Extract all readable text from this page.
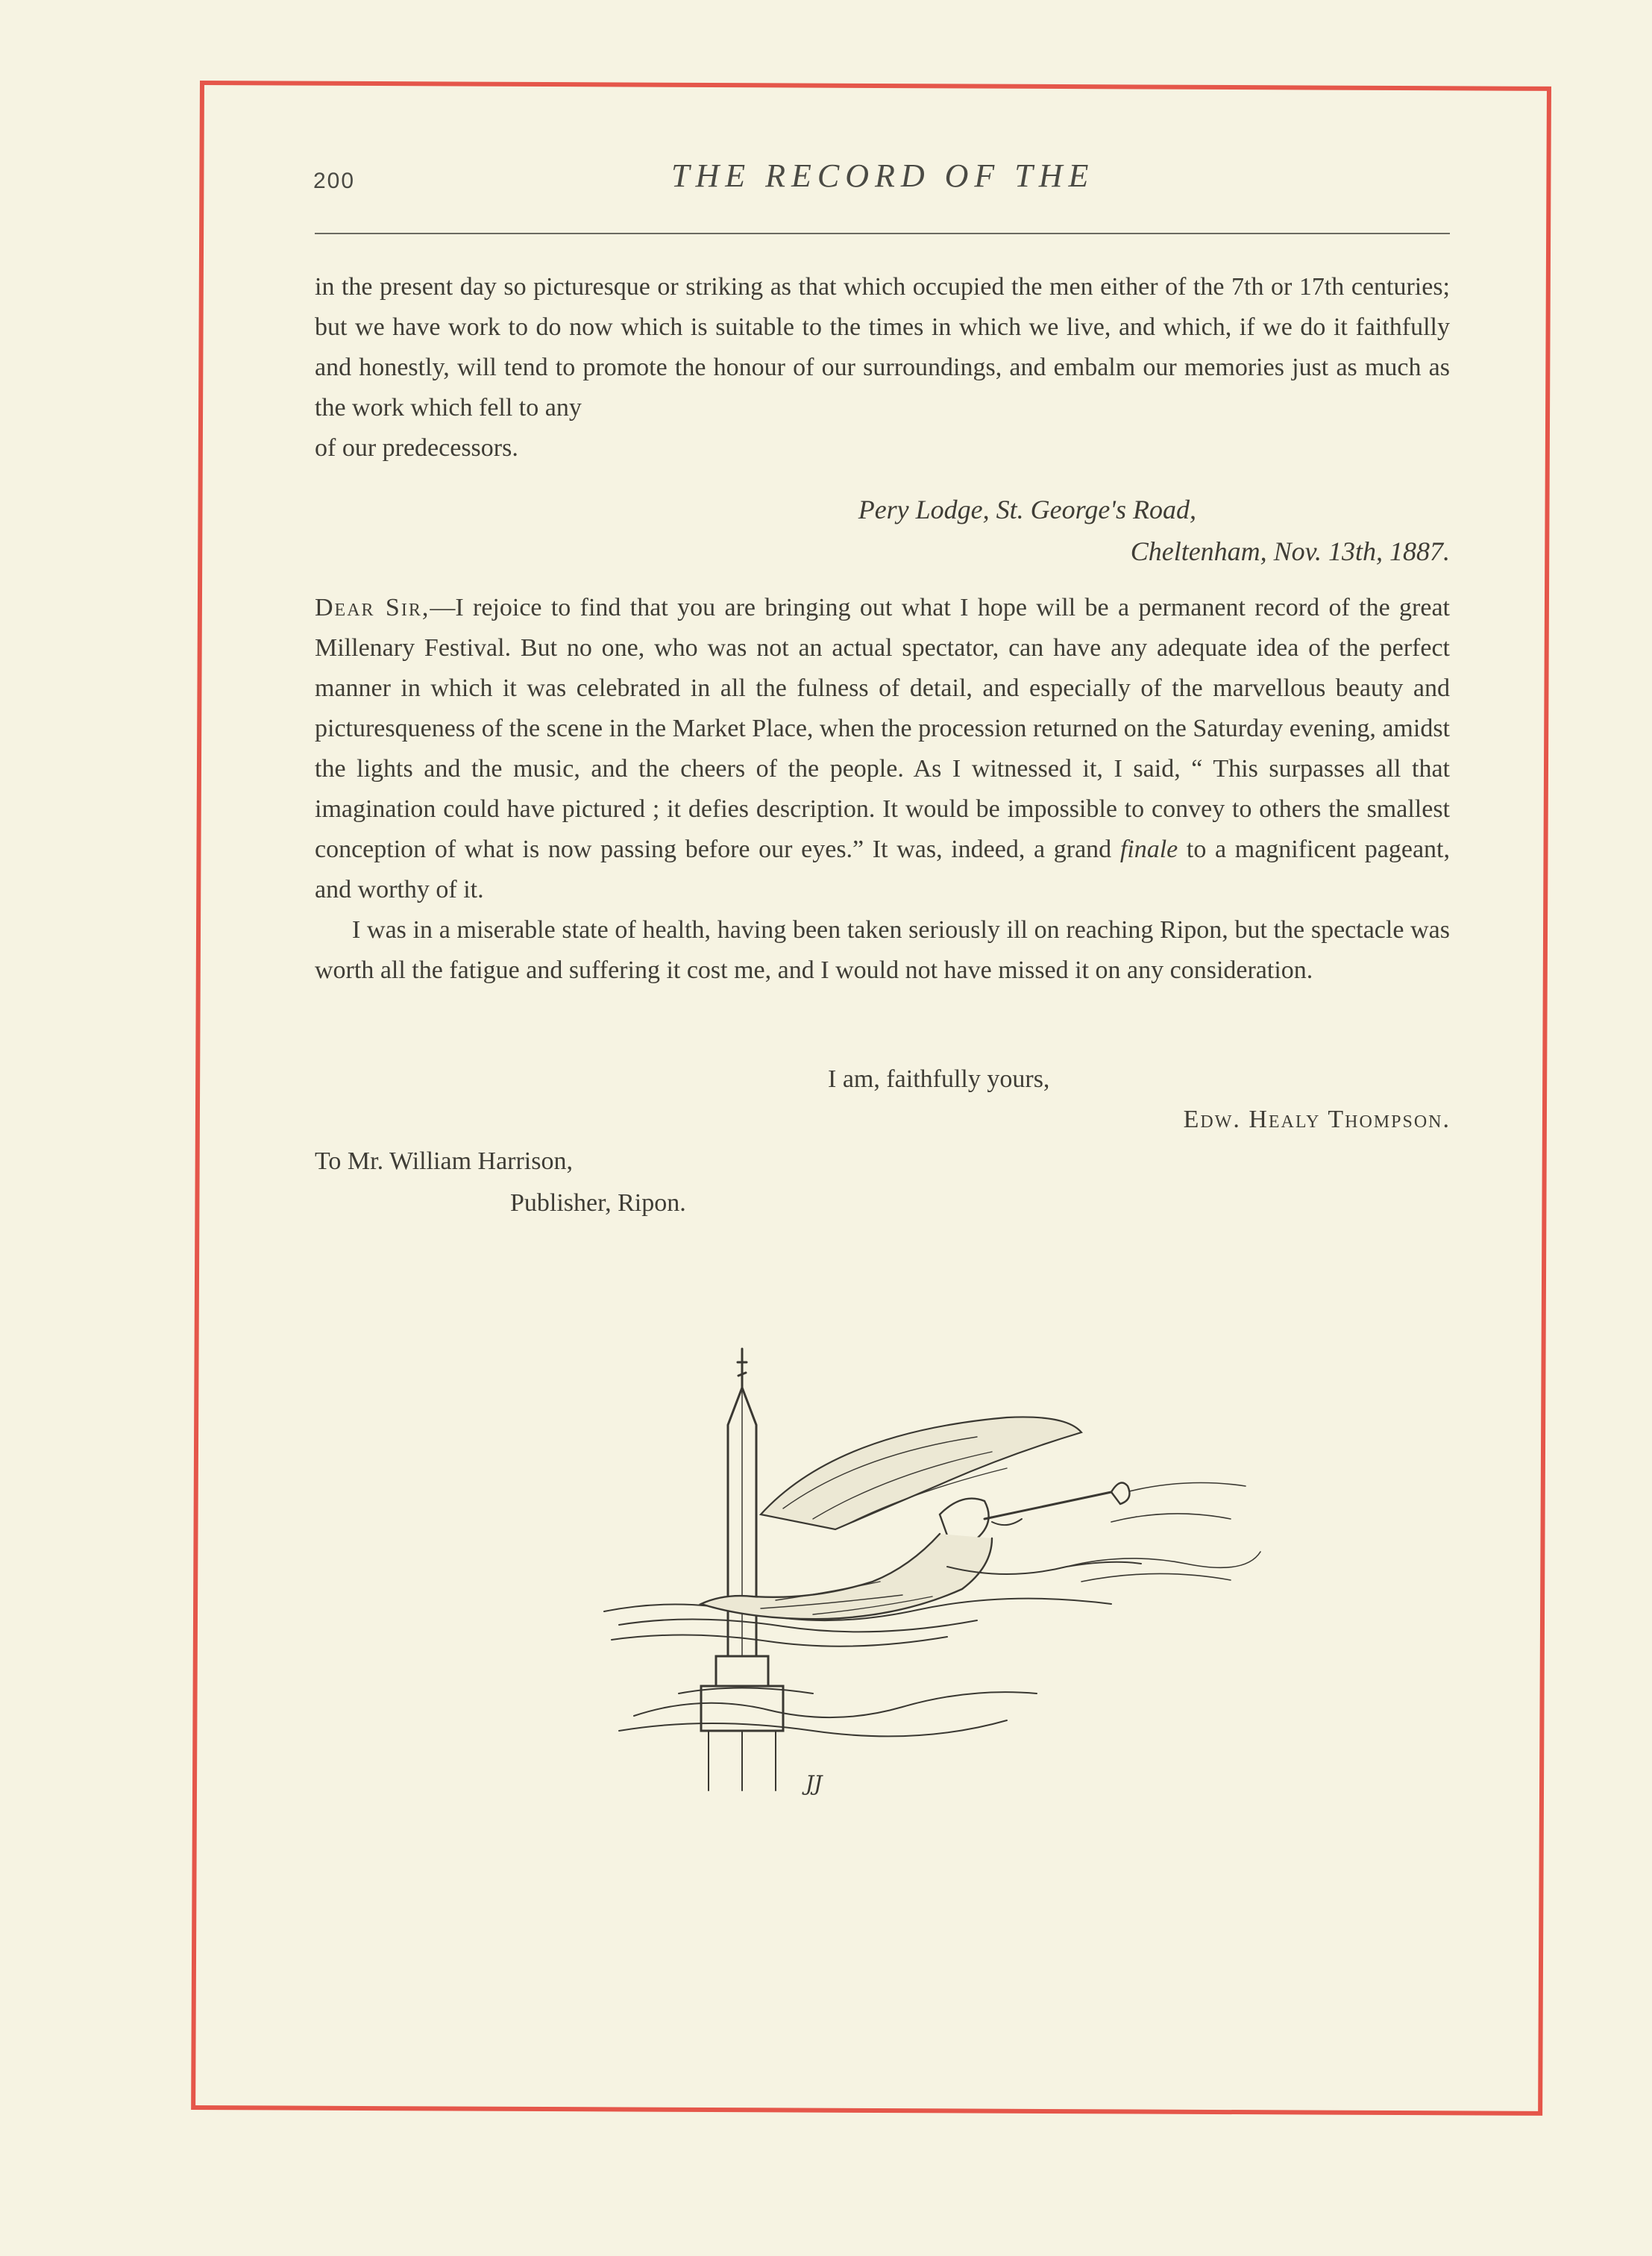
200	THE RECORD OF THE
in the present day so picturesque or striking as that which occupied the men either of the 7th or 17th centuries; but we have work to do now which is suitable to the times in which we live, and which, if we do it faithfully and honestly, will tend to promote the honour of our surroundings, and embalm our memories just as much as the work which fell to any
of our predecessors.
Pery Lodge, St. George's Road,
Cheltenham, Nov. 13th, 1887.

Dear Sir,—I rejoice to find that you are bringing out what I hope will be a permanent record of the great Millenary Festival. But no one, who was not an actual spectator, can have any adequate idea of the perfect manner in which it was celebrated in all the fulness of detail, and especially of the marvellous beauty and picturesqueness of the scene in the Market Place, when the procession returned on the Saturday evening, amidst the lights and the music, and the cheers of the people. As I witnessed it, I said, “ This surpasses all that imagination could have pictured ; it defies description. It would be impossible to convey to others the smallest conception of what is now passing before our eyes.” It was, indeed, a grand finale to a magnificent pageant, and worthy of it.

I was in a miserable state of health, having been taken seriously ill on reaching Ripon, but the spectacle was worth all the fatigue and suffering it cost me, and I would not have missed it on any consideration.

I am, faithfully yours,
Edw. Healy Thompson.
To Mr. William Harrison,
Publisher, Ripon.
JJ
